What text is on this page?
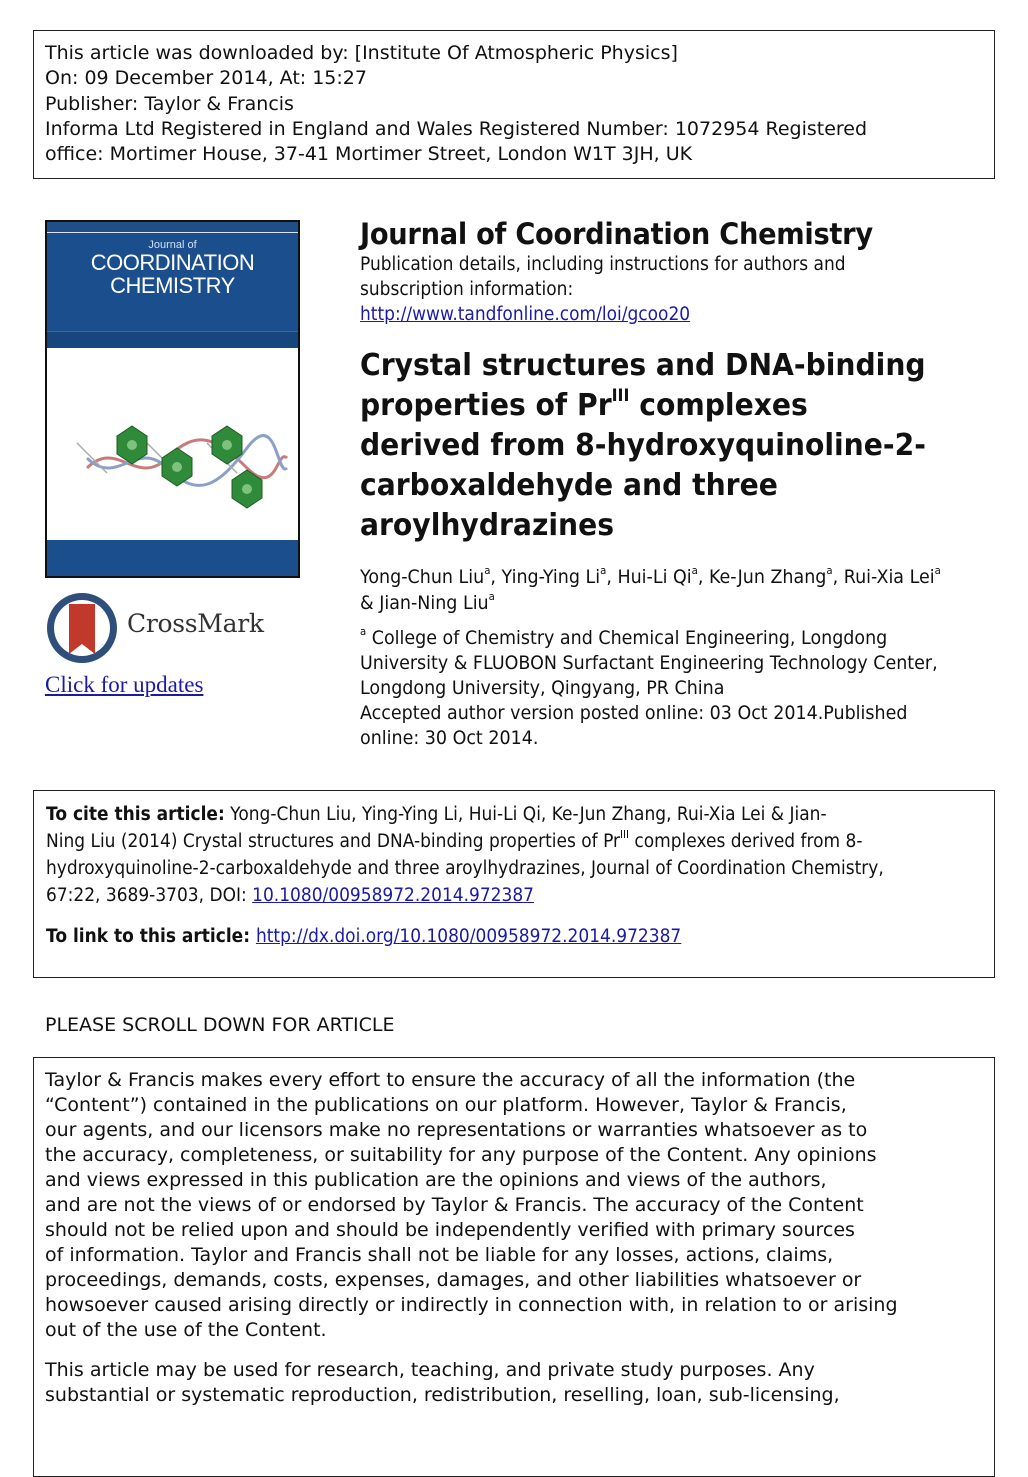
This article was downloaded by: [Institute Of Atmospheric Physics]
On: 09 December 2014, At: 15:27
Publisher: Taylor & Francis
Informa Ltd Registered in England and Wales Registered Number: 1072954 Registered
office: Mortimer House, 37-41 Mortimer Street, London W1T 3JH, UK
Journal of
COORDINATION
CHEMISTRY
CrossMark
Click for updates
Journal of Coordination Chemistry
Publication details, including instructions for authors and
subscription information:
http://www.tandfonline.com/loi/gcoo20
Crystal structures and DNA-binding
properties of $Pr^{III}$ complexes
derived from 8-hydroxyquinoline-2-
carboxaldehyde and three
aroylhydrazines
Yong-Chun Liu$^a$, Ying-Ying Li$^a$, Hui-Li Qi$^a$, Ke-Jun Zhang$^a$, Rui-Xia Lei$^a$ & Jian-Ning Liu$^a$
$^a$ College of Chemistry and Chemical Engineering, Longdong
University & FLUOBON Surfactant Engineering Technology Center,
Longdong University, Qingyang, PR China
Accepted author version posted online: 03 Oct 2014.Published
online: 30 Oct 2014.
To cite this article: Yong-Chun Liu, Ying-Ying Li, Hui-Li Qi, Ke-Jun Zhang, Rui-Xia Lei & Jian-
Ning Liu (2014) Crystal structures and DNA-binding properties of $Pr^{III}$ complexes derived from 8-
hydroxyquinoline-2-carboxaldehyde and three aroylhydrazines, Journal of Coordination Chemistry,
67:22, 3689-3703, DOI: 10.1080/00958972.2014.972387
To link to this article: http://dx.doi.org/10.1080/00958972.2014.972387
PLEASE SCROLL DOWN FOR ARTICLE

Taylor & Francis makes every effort to ensure the accuracy of all the information (the
“Content”) contained in the publications on our platform. However, Taylor & Francis,
our agents, and our licensors make no representations or warranties whatsoever as to
the accuracy, completeness, or suitability for any purpose of the Content. Any opinions
and views expressed in this publication are the opinions and views of the authors,
and are not the views of or endorsed by Taylor & Francis. The accuracy of the Content
should not be relied upon and should be independently verified with primary sources
of information. Taylor and Francis shall not be liable for any losses, actions, claims,
proceedings, demands, costs, expenses, damages, and other liabilities whatsoever or
howsoever caused arising directly or indirectly in connection with, in relation to or arising
out of the use of the Content.

This article may be used for research, teaching, and private study purposes. Any
substantial or systematic reproduction, redistribution, reselling, loan, sub-licensing,
